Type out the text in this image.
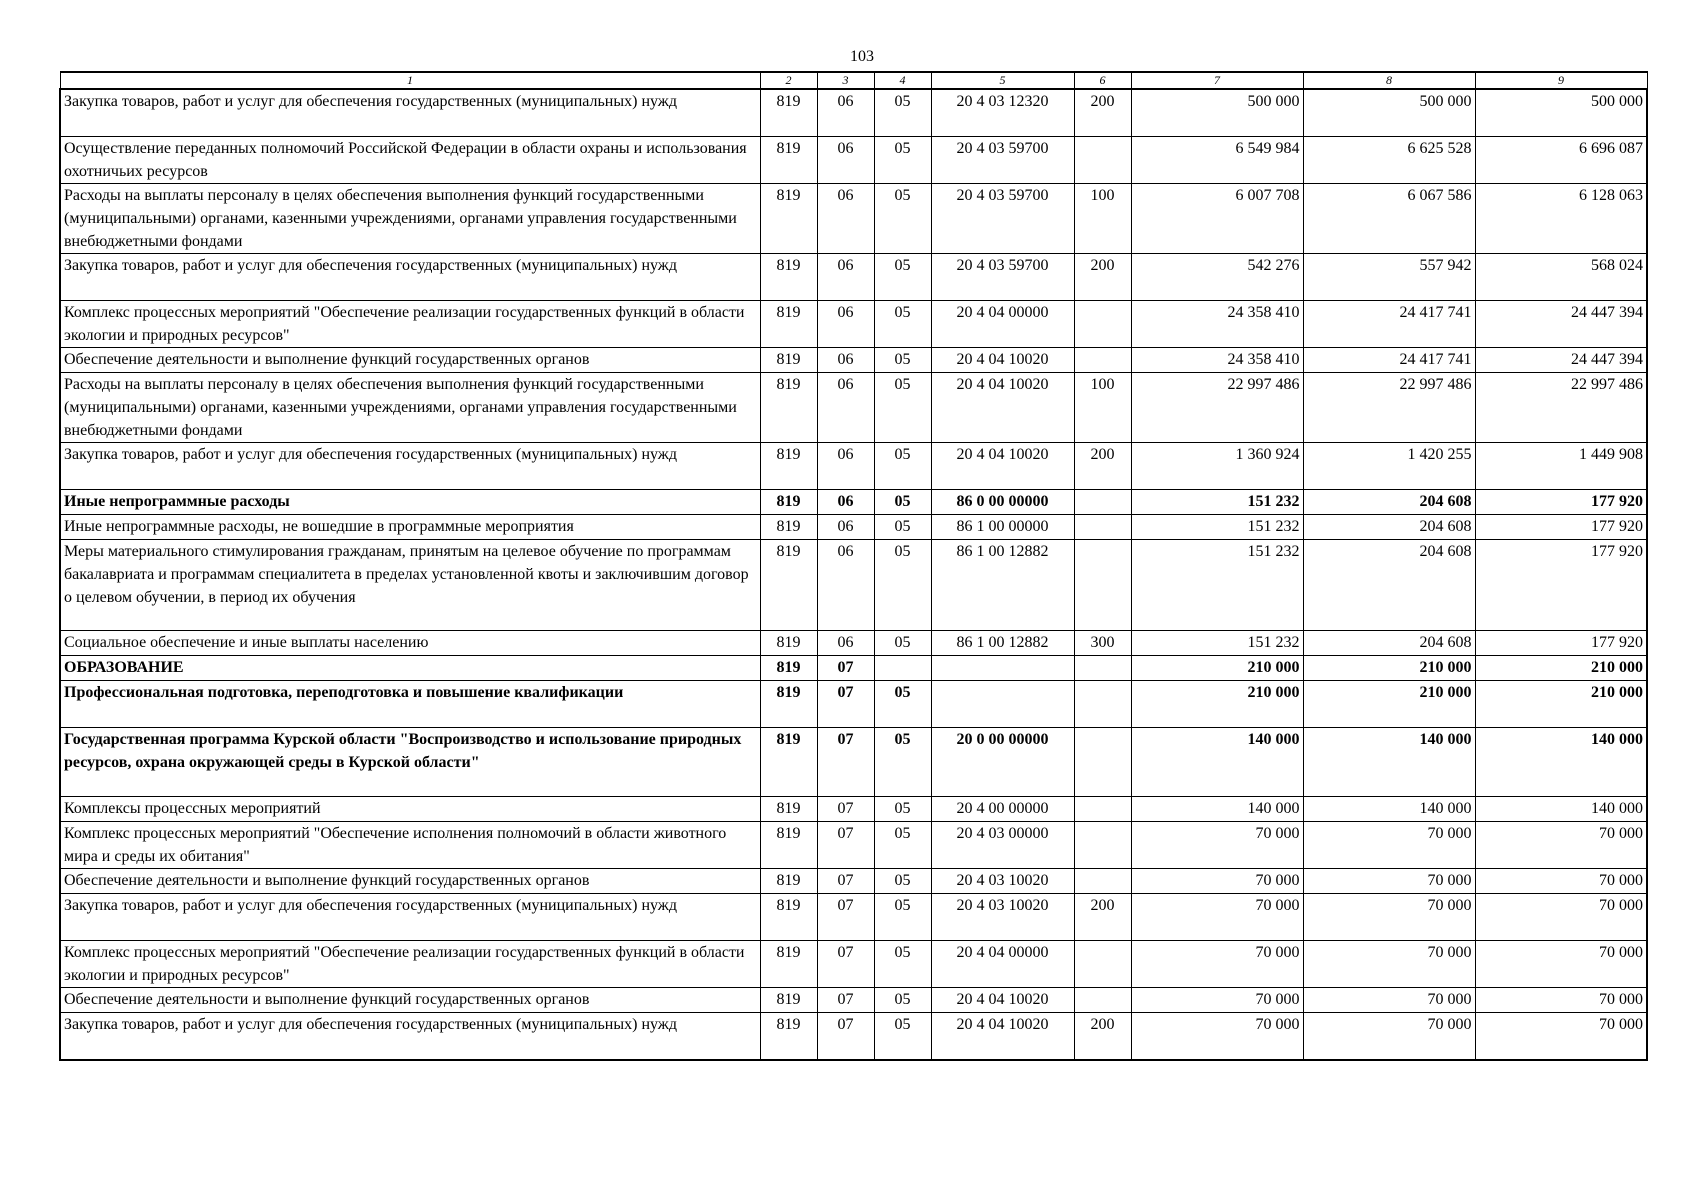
103
1	2	3	4	5	6	7	8	9
Закупка товаров, работ и услуг для обеспечения государственных (муниципальных) нужд	819	06	05	20 4 03 12320	200	500 000	500 000	500 000
Осуществление переданных полномочий Российской Федерации в области охраны и использования охотничьих ресурсов	819	06	05	20 4 03 59700		6 549 984	6 625 528	6 696 087
Расходы на выплаты персоналу в целях обеспечения выполнения функций государственными (муниципальными) органами, казенными учреждениями, органами управления государственными внебюджетными фондами	819	06	05	20 4 03 59700	100	6 007 708	6 067 586	6 128 063
Закупка товаров, работ и услуг для обеспечения государственных (муниципальных) нужд	819	06	05	20 4 03 59700	200	542 276	557 942	568 024
Комплекс процессных мероприятий "Обеспечение реализации государственных функций в области экологии и природных ресурсов"	819	06	05	20 4 04 00000		24 358 410	24 417 741	24 447 394
Обеспечение деятельности и выполнение функций государственных органов	819	06	05	20 4 04 10020		24 358 410	24 417 741	24 447 394
Расходы на выплаты персоналу в целях обеспечения выполнения функций государственными (муниципальными) органами, казенными учреждениями, органами управления государственными внебюджетными фондами	819	06	05	20 4 04 10020	100	22 997 486	22 997 486	22 997 486
Закупка товаров, работ и услуг для обеспечения государственных (муниципальных) нужд	819	06	05	20 4 04 10020	200	1 360 924	1 420 255	1 449 908
Иные непрограммные расходы	819	06	05	86 0 00 00000		151 232	204 608	177 920
Иные непрограммные расходы, не вошедшие в программные мероприятия	819	06	05	86 1 00 00000		151 232	204 608	177 920
Меры материального стимулирования гражданам, принятым на целевое обучение по программам бакалавриата и программам специалитета в пределах установленной квоты и заключившим договор о целевом обучении, в период их обучения	819	06	05	86 1 00 12882		151 232	204 608	177 920
Социальное обеспечение и иные выплаты населению	819	06	05	86 1 00 12882	300	151 232	204 608	177 920
ОБРАЗОВАНИЕ	819	07				210 000	210 000	210 000
Профессиональная подготовка, переподготовка и повышение квалификации	819	07	05			210 000	210 000	210 000
Государственная программа Курской области "Воспроизводство и использование природных ресурсов, охрана окружающей среды в Курской области"	819	07	05	20 0 00 00000		140 000	140 000	140 000
Комплексы процессных мероприятий	819	07	05	20 4 00 00000		140 000	140 000	140 000
Комплекс процессных мероприятий "Обеспечение исполнения полномочий в области животного мира и среды их обитания"	819	07	05	20 4 03 00000		70 000	70 000	70 000
Обеспечение деятельности и выполнение функций государственных органов	819	07	05	20 4 03 10020		70 000	70 000	70 000
Закупка товаров, работ и услуг для обеспечения государственных (муниципальных) нужд	819	07	05	20 4 03 10020	200	70 000	70 000	70 000
Комплекс процессных мероприятий "Обеспечение реализации государственных функций в области экологии и природных ресурсов"	819	07	05	20 4 04 00000		70 000	70 000	70 000
Обеспечение деятельности и выполнение функций государственных органов	819	07	05	20 4 04 10020		70 000	70 000	70 000
Закупка товаров, работ и услуг для обеспечения государственных (муниципальных) нужд	819	07	05	20 4 04 10020	200	70 000	70 000	70 000
